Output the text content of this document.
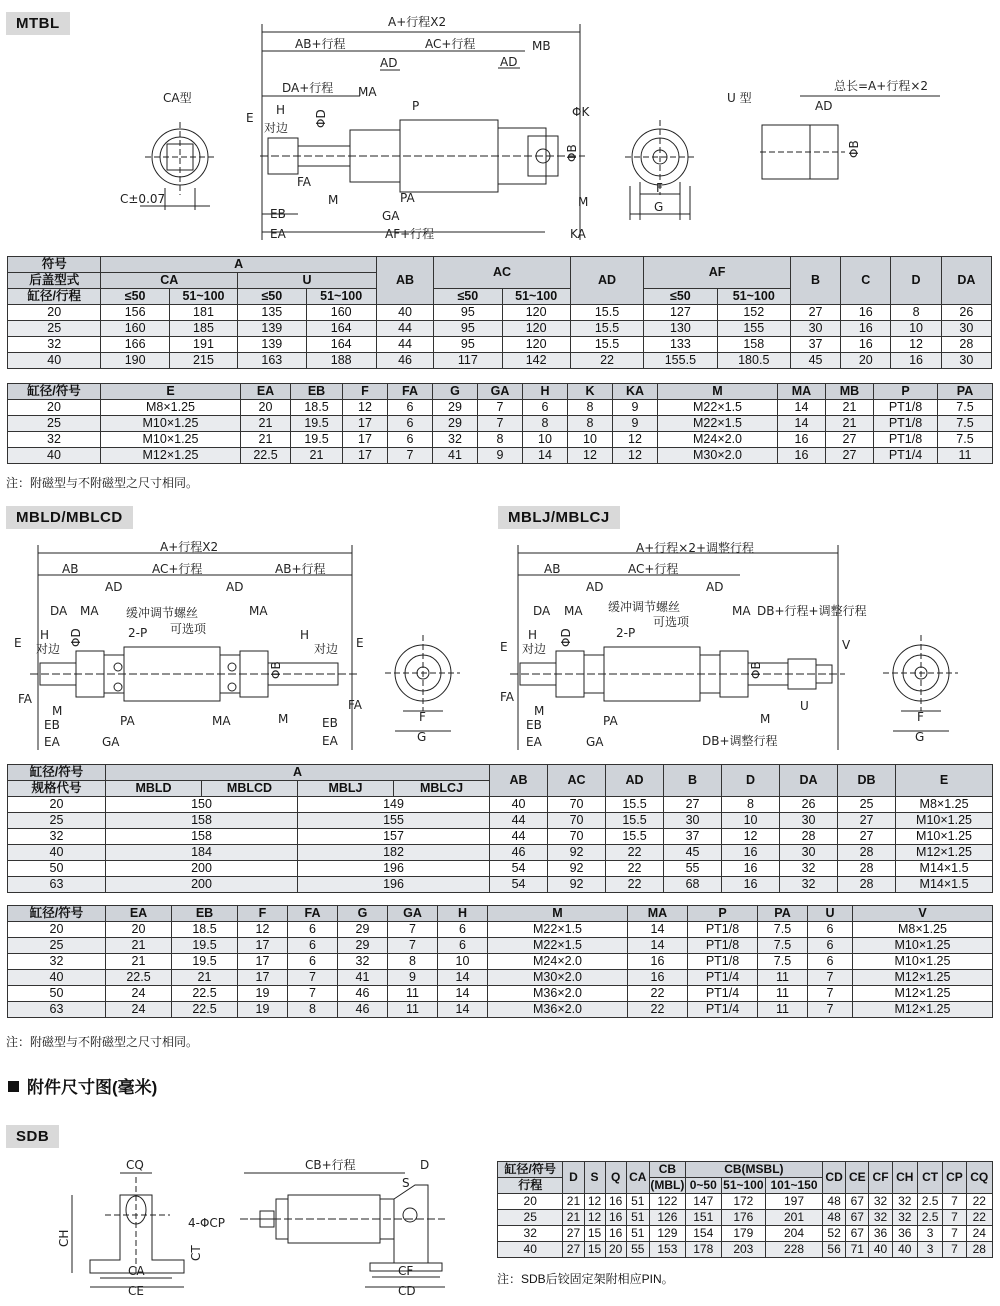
MTBL
CA型
C±0.07
A+行程X2
AB+行程	AC+行程	MB
AD	AD
DA+行程 MA
P	ΦK
H
E
对边 ΦD
ΦB
FA
PA
M	M
GA
EB
EA	AF+行程	KA
F
G
U 型
总长=A+行程×2
AD
ΦB
符号	A				AB	AC		AD	AF		B	C	D	DA
后盖型式	CA		U											
缸径/行程	≤50	51~100	≤50	51~100		≤50	51~100		≤50	51~100				
20	156	181	135	160	40	95	120	15.5	127	152	27	16	8	26
25	160	185	139	164	44	95	120	15.5	130	155	30	16	10	30
32	166	191	139	164	44	95	120	15.5	133	158	37	16	12	28
40	190	215	163	188	46	117	142	22	155.5	180.5	45	20	16	30
缸径/符号	E	EA	EB	F	FA	G	GA	H	K	KA	M	MA	MB	P	PA
20	M8×1.25	20	18.5	12	6	29	7	6	8	9	M22×1.5	14	21	PT1/8	7.5
25	M10×1.25	21	19.5	17	6	29	7	8	8	9	M22×1.5	14	21	PT1/8	7.5
32	M10×1.25	21	19.5	17	6	32	8	10	10	12	M24×2.0	16	27	PT1/8	7.5
40	M12×1.25	22.5	21	17	7	41	9	14	12	12	M30×2.0	16	27	PT1/4	11
注：附磁型与不附磁型之尺寸相同。
MBLD/MBLCD	MBLJ/MBLCJ
A+行程X2
AB	AC+行程	AB+行程
AD	AD
DA MA 缓冲调节螺丝
可选项
MA
H	2-P
ΦD
E 对边
ΦB
H
对边 E
FA
M
PA	MA	M
FA
EB	EB
EA	GA	EA
F
G
A+行程×2+调整行程
AB	AC+行程
AD	AD
DA MA 缓冲调节螺丝
可选项
MA DB+行程+调整行程
H	2-P
ΦD
E 对边
ΦB
V
FA
M
PA	M
U
EB
EA	GA	DB+调整行程
F
G
缸径/符号	A				AB	AC	AD	B	D	DA	DB	E
规格代号	MBLD	MBLCD	MBLJ	MBLCJ								
20	150		149		40	70	15.5	27	8	26	25	M8×1.25
25	158		155		44	70	15.5	30	10	30	27	M10×1.25
32	158		157		44	70	15.5	37	12	28	27	M10×1.25
40	184		182		46	92	22	45	16	30	28	M12×1.25
50	200		196		54	92	22	55	16	32	28	M14×1.5
63	200		196		54	92	22	68	16	32	28	M14×1.5
缸径/符号	EA	EB	F	FA	G	GA	H	M	MA	P	PA	U	V
20	20	18.5	12	6	29	7	6	M22×1.5	14	PT1/8	7.5	6	M8×1.25
25	21	19.5	17	6	29	7	6	M22×1.5	14	PT1/8	7.5	6	M10×1.25
32	21	19.5	17	6	32	8	10	M24×2.0	16	PT1/8	7.5	6	M10×1.25
40	22.5	21	17	7	41	9	14	M30×2.0	16	PT1/4	11	7	M12×1.25
50	24	22.5	19	7	46	11	14	M36×2.0	22	PT1/4	11	7	M12×1.25
63	24	22.5	19	8	46	11	14	M36×2.0	22	PT1/4	11	7	M12×1.25
注：附磁型与不附磁型之尺寸相同。
附件尺寸图(毫米)
SDB
CQ
CH
4-ΦCP
CT
CA
CE
CB+行程	D
S
CF
CD
缸径/符号	D	S	Q	CA	CB	CB(MSBL)			CD	CE	CF	CH	CT	CP	CQ
行程					(MBL)	0~50	51~100	101~150							
20	21	12	16	51	122	147	172	197	48	67	32	32	2.5	7	22
25	21	12	16	51	126	151	176	201	48	67	32	32	2.5	7	22
32	27	15	16	51	129	154	179	204	52	67	36	36	3	7	24
40	27	15	20	55	153	178	203	228	56	71	40	40	3	7	28
注：SDB后铰固定架附相应PIN。
